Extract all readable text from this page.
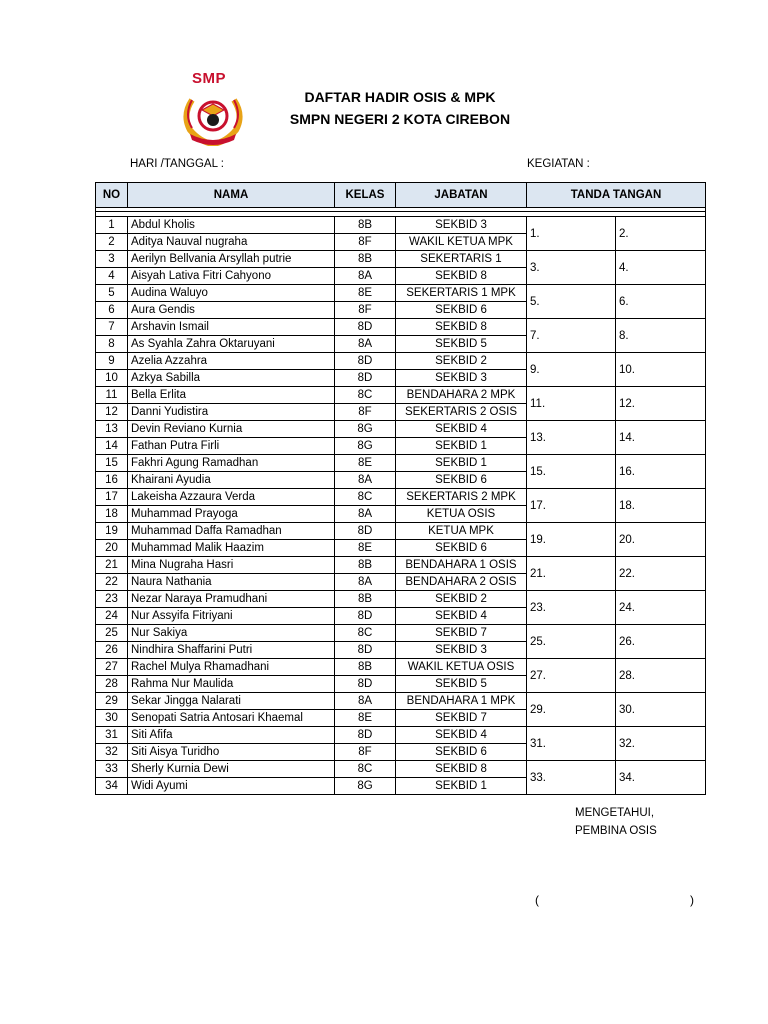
SMP
DAFTAR HADIR OSIS & MPK
SMPN NEGERI 2 KOTA CIREBON
HARI /TANGGAL :	KEGIATAN :
NO	NAMA	KELAS	JABATAN	TANDA TANGAN	

1	Abdul Kholis	8B	SEKBID 3	1.	2.
2	Aditya Nauval nugraha	8F	WAKIL KETUA MPK		
3	Aerilyn Bellvania Arsyllah putrie	8B	SEKERTARIS 1	3.	4.
4	Aisyah Lativa Fitri Cahyono	8A	SEKBID 8		
5	Audina Waluyo	8E	SEKERTARIS 1 MPK	5.	6.
6	Aura Gendis	8F	SEKBID 6		
7	Arshavin Ismail	8D	SEKBID 8	7.	8.
8	As Syahla Zahra Oktaruyani	8A	SEKBID 5		
9	Azelia Azzahra	8D	SEKBID 2	9.	10.
10	Azkya Sabilla	8D	SEKBID 3		
11	Bella Erlita	8C	BENDAHARA 2 MPK	11.	12.
12	Danni Yudistira	8F	SEKERTARIS 2 OSIS		
13	Devin Reviano Kurnia	8G	SEKBID 4	13.	14.
14	Fathan Putra Firli	8G	SEKBID 1		
15	Fakhri Agung Ramadhan	8E	SEKBID 1	15.	16.
16	Khairani Ayudia	8A	SEKBID 6		
17	Lakeisha Azzaura Verda	8C	SEKERTARIS 2 MPK	17.	18.
18	Muhammad Prayoga	8A	KETUA OSIS		
19	Muhammad Daffa Ramadhan	8D	KETUA MPK	19.	20.
20	Muhammad Malik Haazim	8E	SEKBID 6		
21	Mina Nugraha Hasri	8B	BENDAHARA 1 OSIS	21.	22.
22	Naura Nathania	8A	BENDAHARA 2 OSIS		
23	Nezar Naraya Pramudhani	8B	SEKBID 2	23.	24.
24	Nur Assyifa Fitriyani	8D	SEKBID 4		
25	Nur Sakiya	8C	SEKBID 7	25.	26.
26	Nindhira Shaffarini Putri	8D	SEKBID 3		
27	Rachel Mulya Rhamadhani	8B	WAKIL KETUA OSIS	27.	28.
28	Rahma Nur Maulida	8D	SEKBID 5		
29	Sekar Jingga Nalarati	8A	BENDAHARA 1 MPK	29.	30.
30	Senopati Satria Antosari Khaemal	8E	SEKBID 7		
31	Siti Afifa	8D	SEKBID 4	31.	32.
32	Siti Aisya Turidho	8F	SEKBID 6		
33	Sherly Kurnia Dewi	8C	SEKBID 8	33.	34.
34	Widi Ayumi	8G	SEKBID 1		
MENGETAHUI,
PEMBINA OSIS
(	)
